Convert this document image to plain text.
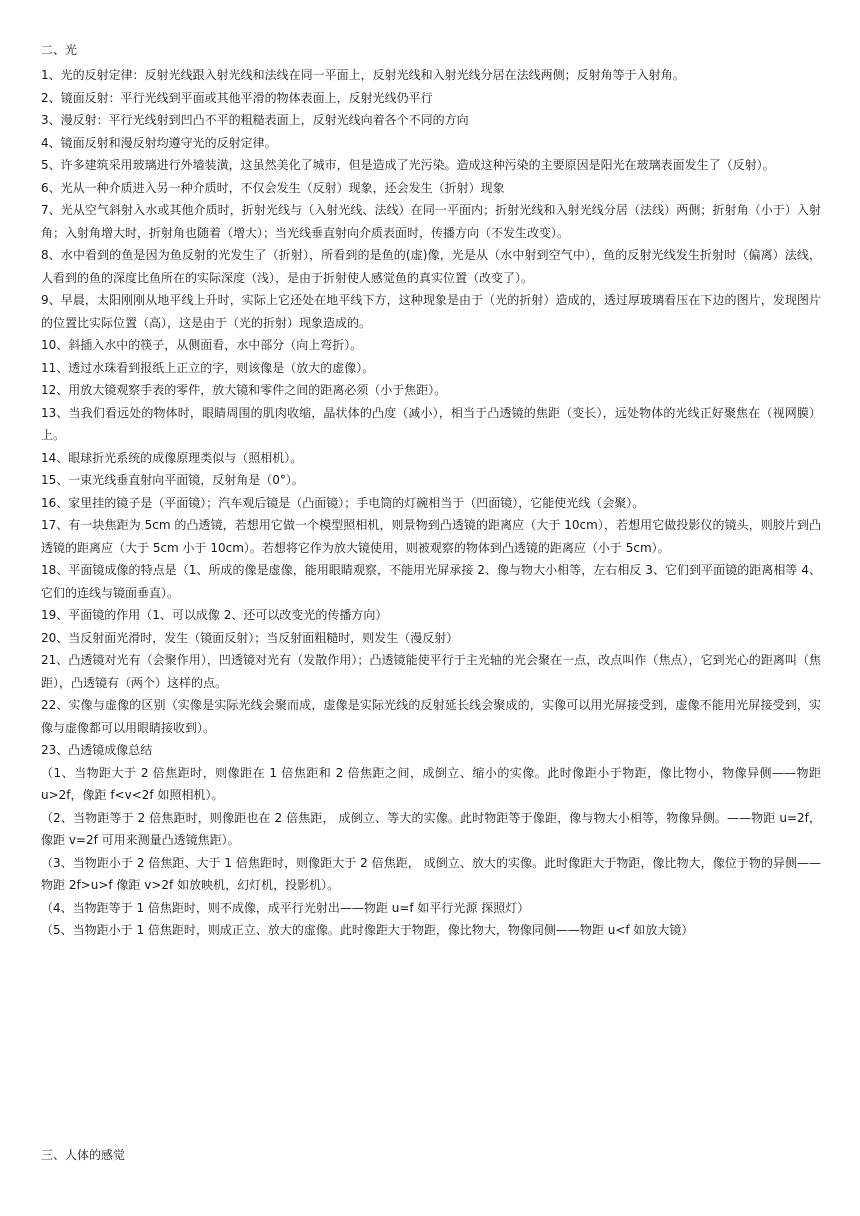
二、光

1、光的反射定律：反射光线跟入射光线和法线在同一平面上，反射光线和入射光线分居在法线两侧；反射角等于入射角。

2、镜面反射：平行光线到平面或其他平滑的物体表面上，反射光线仍平行

3、漫反射：平行光线射到凹凸不平的粗糙表面上，反射光线向着各个不同的方向

4、镜面反射和漫反射均遵守光的反射定律。

5、许多建筑采用玻璃进行外墙装潢，这虽然美化了城市，但是造成了光污染。造成这种污染的主要原因是阳光在玻璃表面发生了（反射）。

6、光从一种介质进入另一种介质时，不仅会发生（反射）现象，还会发生（折射）现象

7、光从空气斜射入水或其他介质时，折射光线与（入射光线、法线）在同一平面内；折射光线和入射光线分居（法线）两侧；折射角（小于）入射角；入射角增大时，折射角也随着（增大）；当光线垂直射向介质表面时，传播方向（不发生改变）。

8、水中看到的鱼是因为鱼反射的光发生了（折射），所看到的是鱼的(虚)像，光是从（水中射到空气中），鱼的反射光线发生折射时（偏离）法线，人看到的鱼的深度比鱼所在的实际深度（浅），是由于折射使人感觉鱼的真实位置（改变了）。

9、早晨，太阳刚刚从地平线上升时，实际上它还处在地平线下方，这种现象是由于（光的折射）造成的，透过厚玻璃看压在下边的图片，发现图片的位置比实际位置（高），这是由于（光的折射）现象造成的。

10、斜插入水中的筷子，从侧面看，水中部分（向上弯折）。

11、透过水珠看到报纸上正立的字，则该像是（放大的虚像）。

12、用放大镜观察手表的零件，放大镜和零件之间的距离必须（小于焦距）。

13、当我们看远处的物体时，眼睛周围的肌肉收缩，晶状体的凸度（减小），相当于凸透镜的焦距（变长），远处物体的光线正好聚焦在（视网膜）上。

14、眼球折光系统的成像原理类似与（照相机）。

15、一束光线垂直射向平面镜，反射角是（0°）。

16、家里挂的镜子是（平面镜）；汽车观后镜是（凸面镜）；手电筒的灯碗相当于（凹面镜），它能使光线（会聚）。

17、有一块焦距为 5cm 的凸透镜，若想用它做一个模型照相机，则景物到凸透镜的距离应（大于 10cm），若想用它做投影仪的镜头，则胶片到凸透镜的距离应（大于 5cm 小于 10cm）。若想将它作为放大镜使用，则被观察的物体到凸透镜的距离应（小于 5cm）。

18、平面镜成像的特点是（1、所成的像是虚像，能用眼睛观察，不能用光屏承接 2、像与物大小相等，左右相反 3、它们到平面镜的距离相等 4、它们的连线与镜面垂直）。

19、平面镜的作用（1、可以成像 2、还可以改变光的传播方向）

20、当反射面光滑时，发生（镜面反射）；当反射面粗糙时，则发生（漫反射）

21、凸透镜对光有（会聚作用），凹透镜对光有（发散作用）；凸透镜能使平行于主光轴的光会聚在一点，改点叫作（焦点），它到光心的距离叫（焦距），凸透镜有（两个）这样的点。

22、实像与虚像的区别（实像是实际光线会聚而成，虚像是实际光线的反射延长线会聚成的，实像可以用光屏接受到，虚像不能用光屏接受到，实像与虚像都可以用眼睛接收到）。

23、凸透镜成像总结

（1、当物距大于 2 倍焦距时，则像距在 1 倍焦距和 2 倍焦距之间，成倒立、缩小的实像。此时像距小于物距，像比物小，物像异侧——物距 u>2f，像距 f<v<2f 如照相机）。

（2、当物距等于 2 倍焦距时，则像距也在 2 倍焦距， 成倒立、等大的实像。此时物距等于像距，像与物大小相等，物像异侧。——物距 u=2f，像距 v=2f 可用来测量凸透镜焦距）。

（3、当物距小于 2 倍焦距、大于 1 倍焦距时，则像距大于 2 倍焦距， 成倒立、放大的实像。此时像距大于物距，像比物大，像位于物的异侧——物距 2f>u>f 像距 v>2f 如放映机，幻灯机，投影机）。

（4、当物距等于 1 倍焦距时，则不成像，成平行光射出——物距 u=f 如平行光源 探照灯）

（5、当物距小于 1 倍焦距时，则成正立、放大的虚像。此时像距大于物距，像比物大，物像同侧——物距 u<f 如放大镜）

三、人体的感觉
